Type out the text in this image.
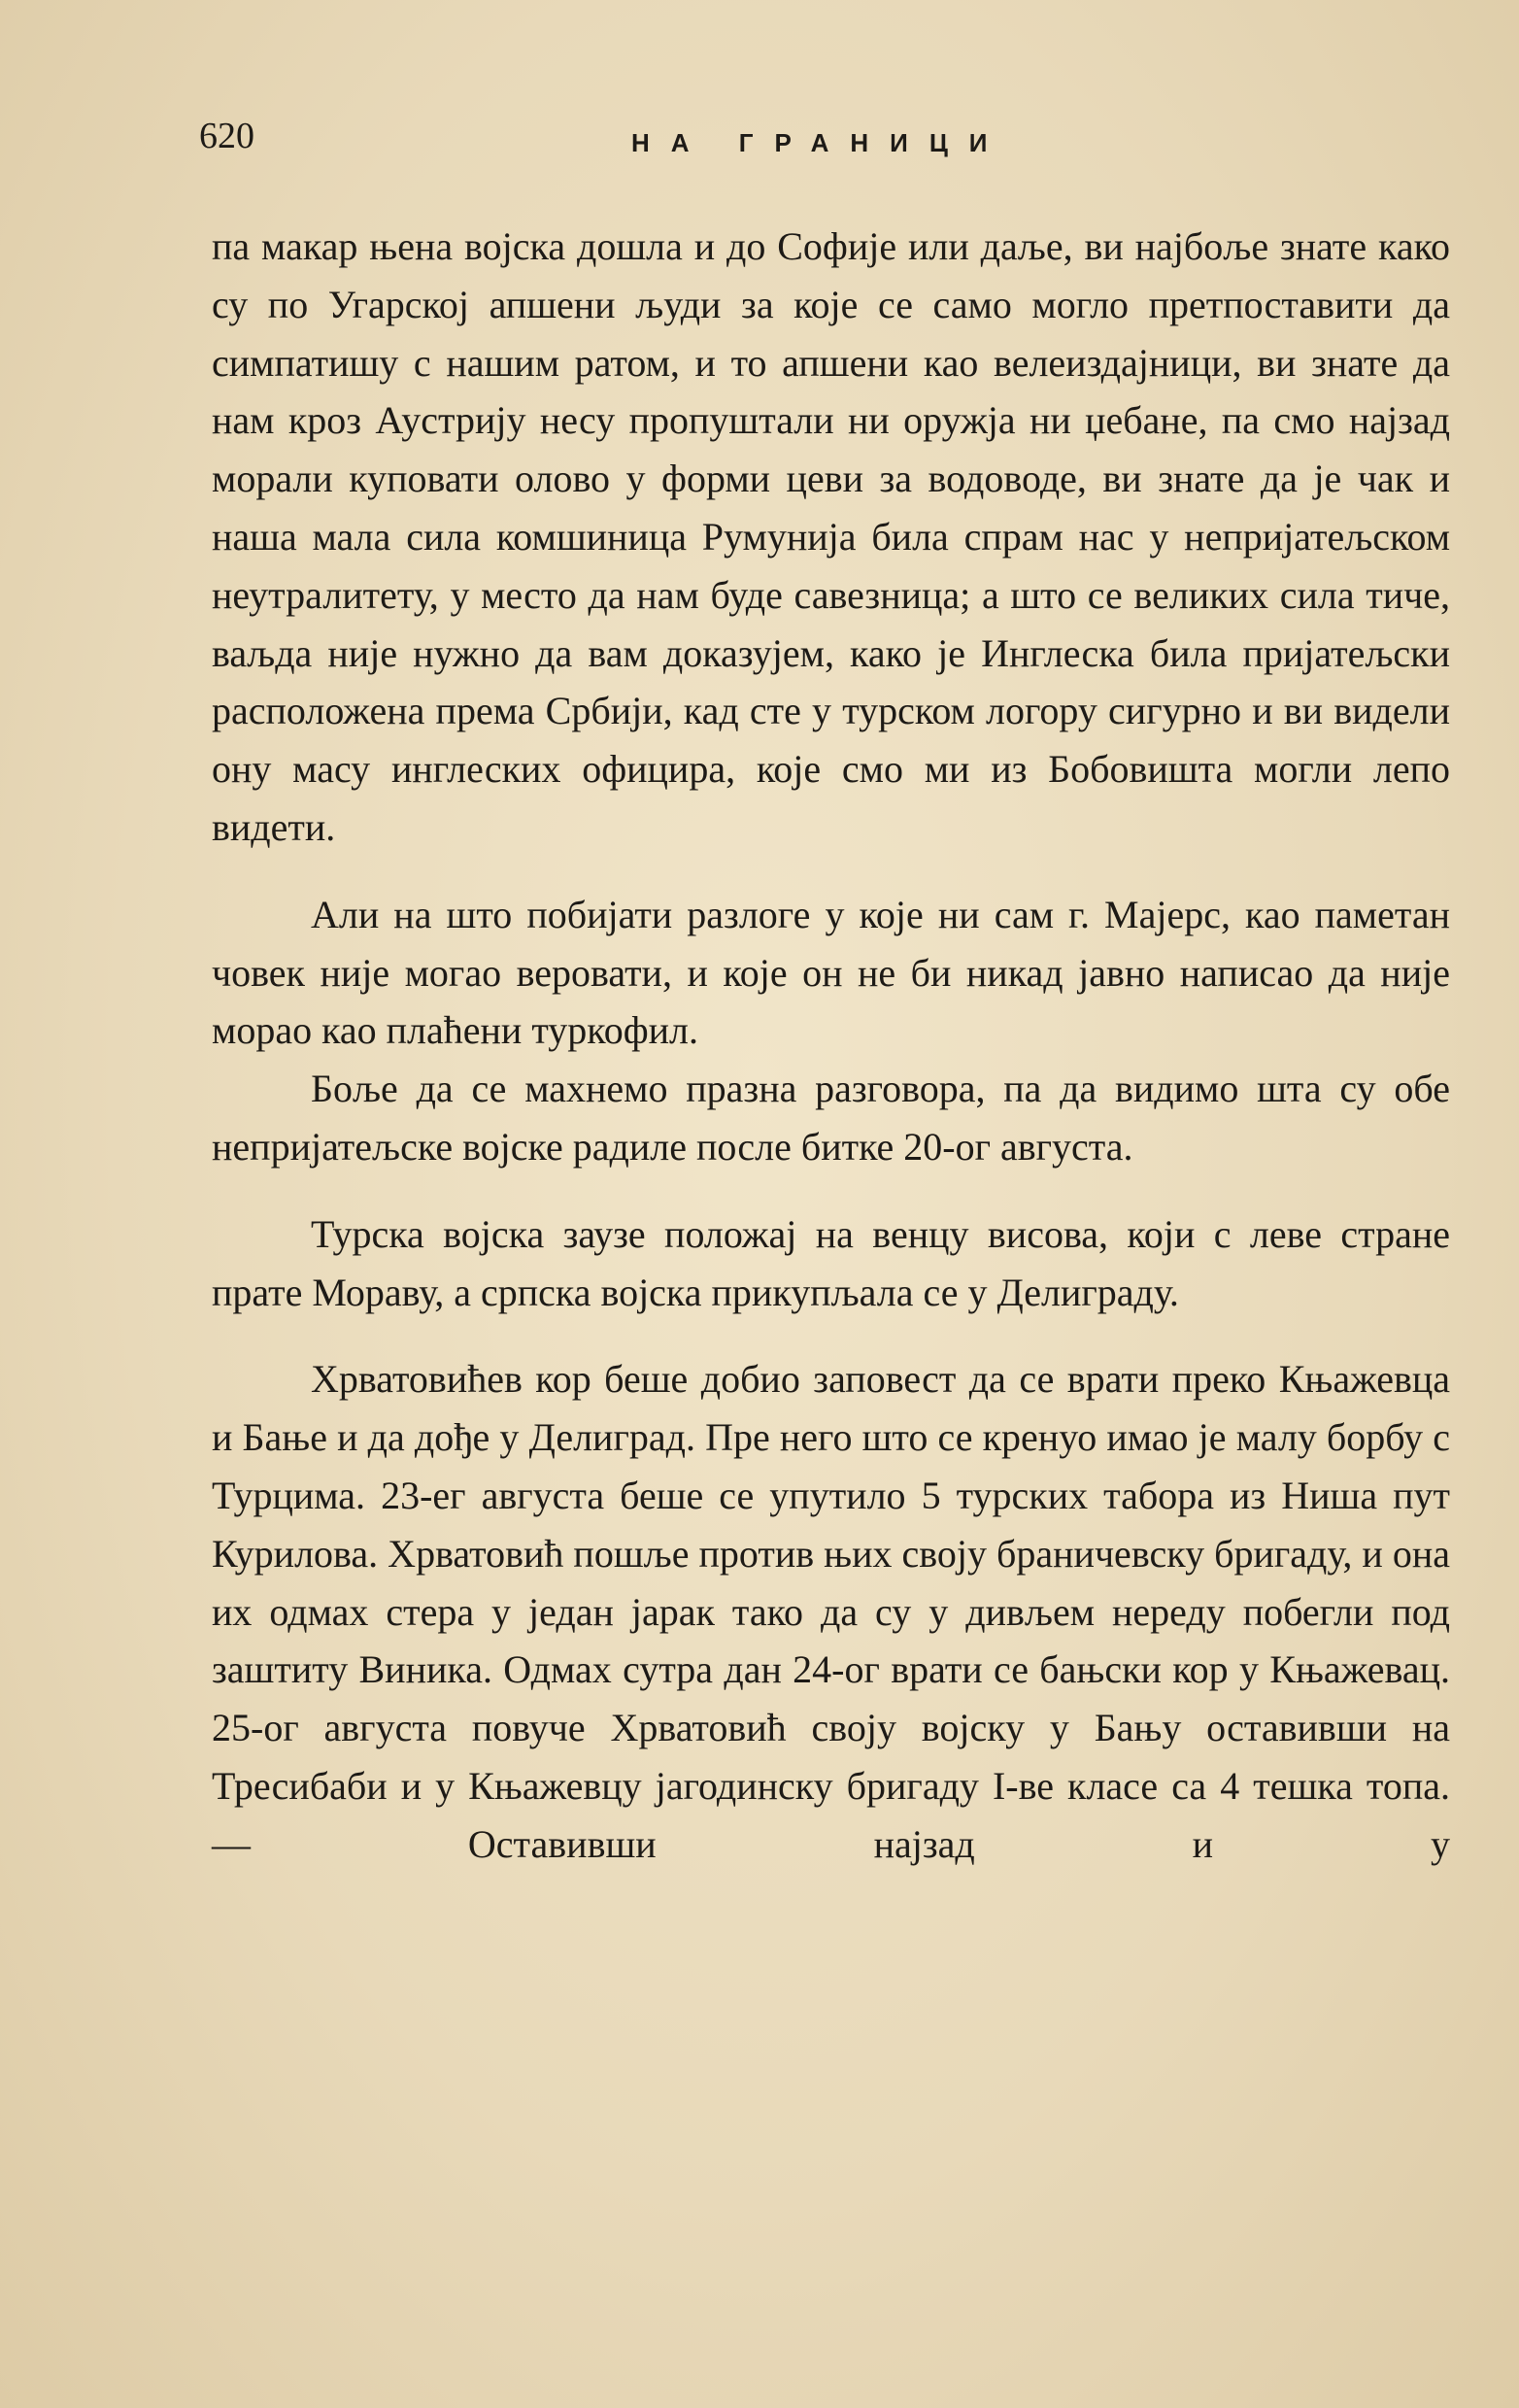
620	НА ГРАНИЦИ

па макар њена војска дошла и до Софије или даље, ви најбоље знате како су по Угарској апшени људи за које се само могло претпоставити да симпатишу с нашим ратом, и то апшени као велеиздајници, ви знате да нам кроз Аустрију несу пропуштали ни оружја ни џебане, па смо најзад морали куповати олово у форми цеви за водоводе, ви знате да је чак и наша мала сила комшиница Румунија била спрам нас у непријатељском неутралитету, у место да нам буде савезница; а што се великих сила тиче, ваљда није нужно да вам доказујем, како је Инглеска била пријатељски расположена према Србији, кад сте у турском логору сигурно и ви видели ону масу инглеских официра, које смо ми из Бобовишта могли лепо видети.

Али на што побијати разлоге у које ни сам г. Мајерс, као паметан човек није могао веровати, и које он не би никад јавно написао да није морао као плаћени туркофил.

Боље да се махнемо празна разговора, па да видимо шта су обе непријатељске војске радиле после битке 20-ог августа.

Турска војска заузе положај на венцу висова, који с леве стране прате Мораву, а српска војска прикупљала се у Делиграду.

Хрватовићев кор беше добио заповест да се врати преко Књажевца и Бање и да дође у Делиград. Пре него што се кренуо имао је малу борбу с Турцима. 23-ег августа беше се упутило 5 турских табора из Ниша пут Курилова. Хрватовић пошље против њих своју браничевску бригаду, и она их одмах стера у један јарак тако да су у дивљем нереду побегли под заштиту Виника. Одмах сутра дан 24-ог врати се бањски кор у Књажевац. 25-ог августа повуче Хрватовић своју војску у Бању оставивши на Тресибаби и у Књажевцу јагодинску бригаду I-ве класе са 4 тешка топа. — Оставивши најзад и у
